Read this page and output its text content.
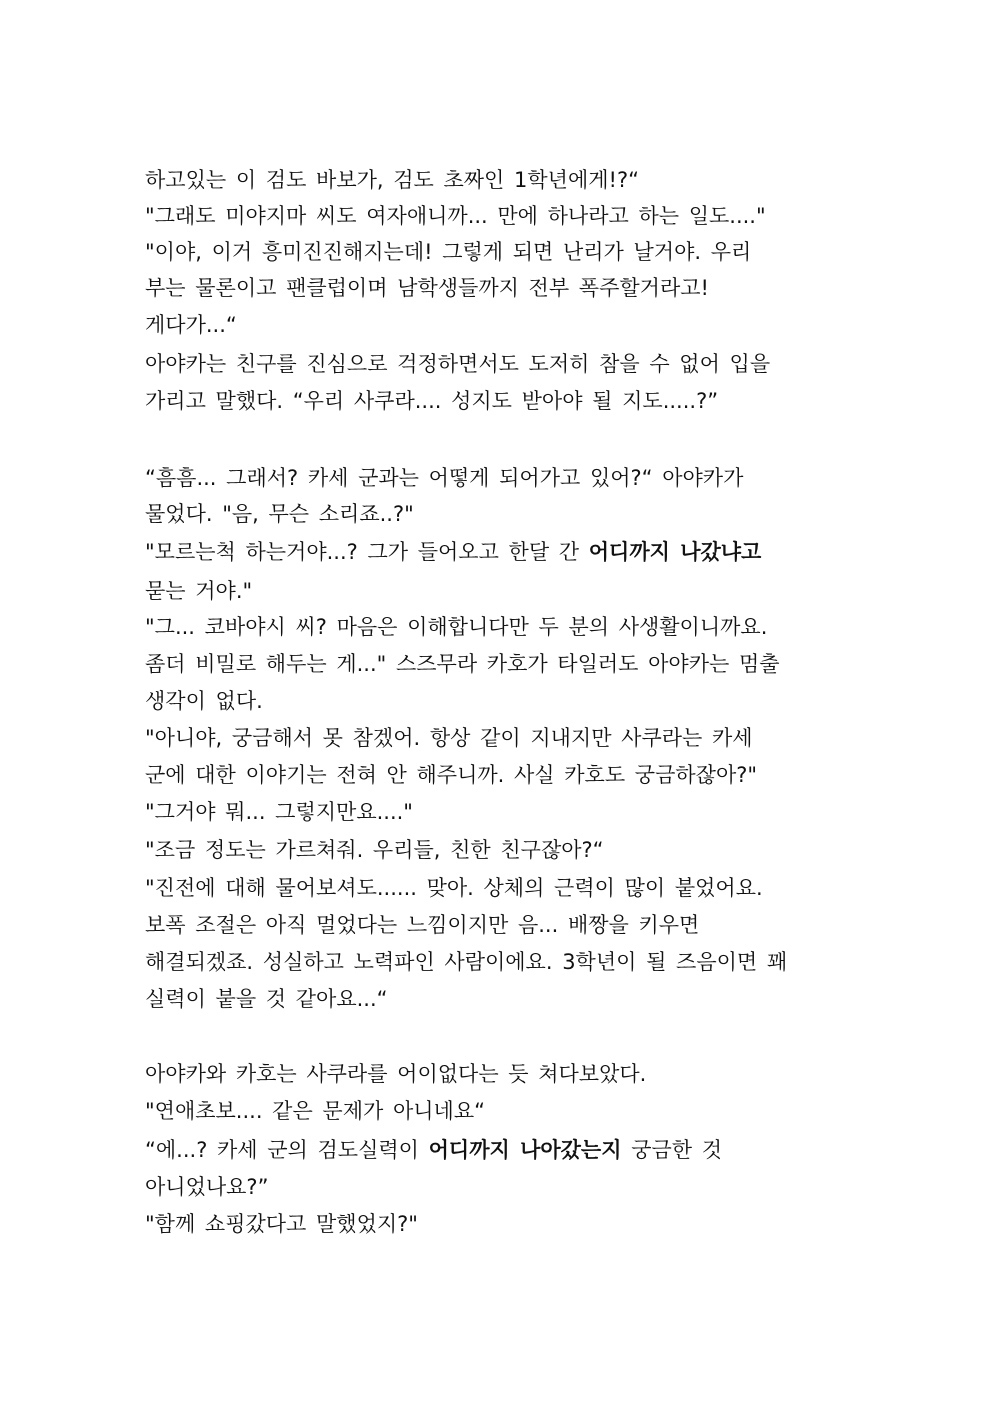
하고있는 이 검도 바보가, 검도 초짜인 1학년에게!?“
"그래도 미야지마 씨도 여자애니까... 만에 하나라고 하는 일도...."
"이야, 이거 흥미진진해지는데! 그렇게 되면 난리가 날거야. 우리
부는 물론이고 팬클럽이며 남학생들까지 전부 폭주할거라고!
게다가...“
아야카는 친구를 진심으로 걱정하면서도 도저히 참을 수 없어 입을
가리고 말했다. “우리 사쿠라.... 성지도 받아야 될 지도.....?”
“흠흠... 그래서? 카세 군과는 어떻게 되어가고 있어?“ 아야카가
물었다. "음, 무슨 소리죠..?"
"모르는척 하는거야...? 그가 들어오고 한달 간 어디까지 나갔냐고
묻는 거야."
"그... 코바야시 씨? 마음은 이해합니다만 두 분의 사생활이니까요.
좀더 비밀로 해두는 게..." 스즈무라 카호가 타일러도 아야카는 멈출
생각이 없다.
"아니야, 궁금해서 못 참겠어. 항상 같이 지내지만 사쿠라는 카세
군에 대한 이야기는 전혀 안 해주니까. 사실 카호도 궁금하잖아?"
"그거야 뭐... 그렇지만요...."
"조금 정도는 가르쳐줘. 우리들, 친한 친구잖아?“
"진전에 대해 물어보셔도...... 맞아. 상체의 근력이 많이 붙었어요.
보폭 조절은 아직 멀었다는 느낌이지만 음... 배짱을 키우면
해결되겠죠. 성실하고 노력파인 사람이에요. 3학년이 될 즈음이면 꽤
실력이 붙을 것 같아요...“
아야카와 카호는 사쿠라를 어이없다는 듯 쳐다보았다.
"연애초보.... 같은 문제가 아니네요“
“에...? 카세 군의 검도실력이 어디까지 나아갔는지 궁금한 것
아니었나요?”
"함께 쇼핑갔다고 말했었지?"
